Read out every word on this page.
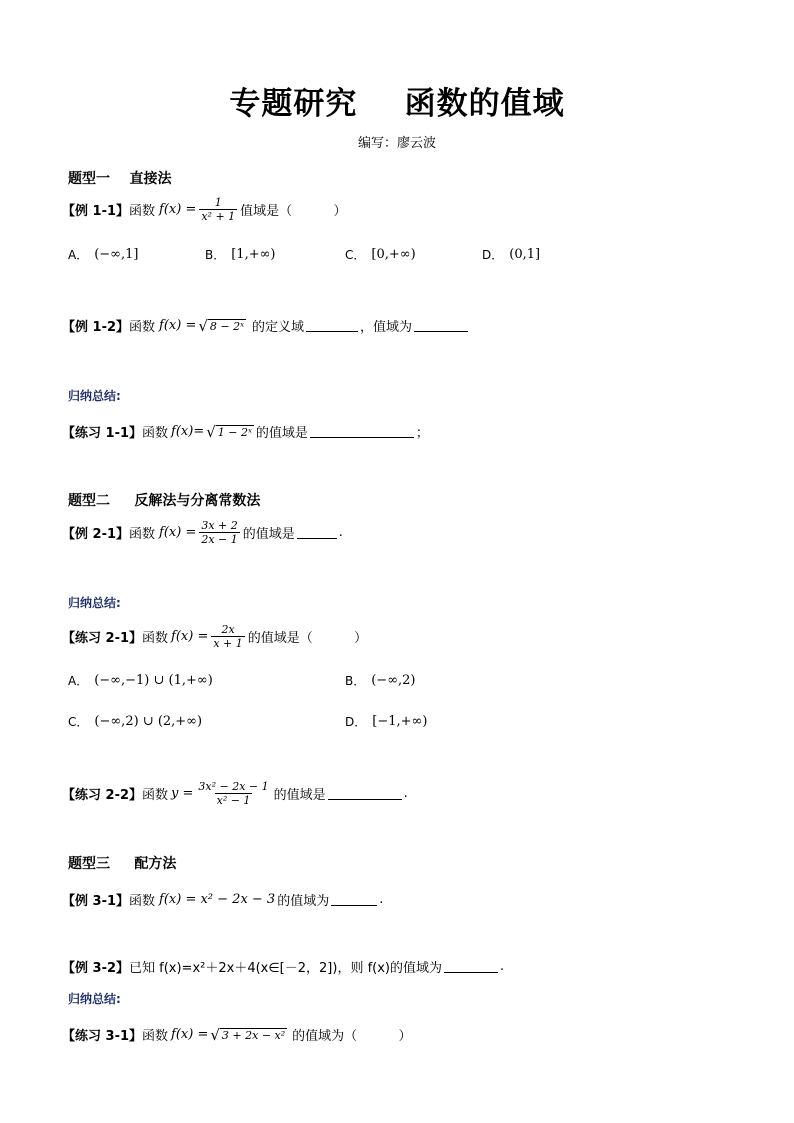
专题研究    函数的值域
编写：廖云波
题型一    直接法
【例 1-1】 函数 $f(x) = \frac{1}{\text{x² + 1}}$ 值域是（          ）
A． (−∞,1]	B． [1,+∞)	C． [0,+∞)	D． (0,1]
【例 1-2】 函数 f(x) = √ 8 − 2ˣ 的定义域	，值域为
归纳总结:
【练习 1-1】 函数 f(x)= √ 1 − 2ˣ 的值域是	；
题型二     反解法与分离常数法
【例 2-1】 函数 $f(x) = \frac{3x + 2}{2x - 1}$ 的值域是	.
归纳总结:
【练习 2-1】 函数 $f(x) = \frac{2x}{x + 1}$ 的值域是（          ）
A． (−∞,−1) ∪ (1,+∞)	B． (−∞,2)
C． (−∞,2) ∪ (2,+∞)	D． [−1,+∞)
【练习 2-2】 函数 $y = \frac{\text{3x² − 2x − 1}}{\text{x² − 1}}$ 的值域是	.
题型三     配方法
【例 3-1】 函数 f(x) = x² − 2x − 3 的值域为	.
【例 3-2】 已知 f(x)=x²＋2x＋4(x∈[－2，2])，则 f(x)的值域为	.
归纳总结:
【练习 3-1】 函数 f(x) = √ 3 + 2x − x² 的值域为（          ）
